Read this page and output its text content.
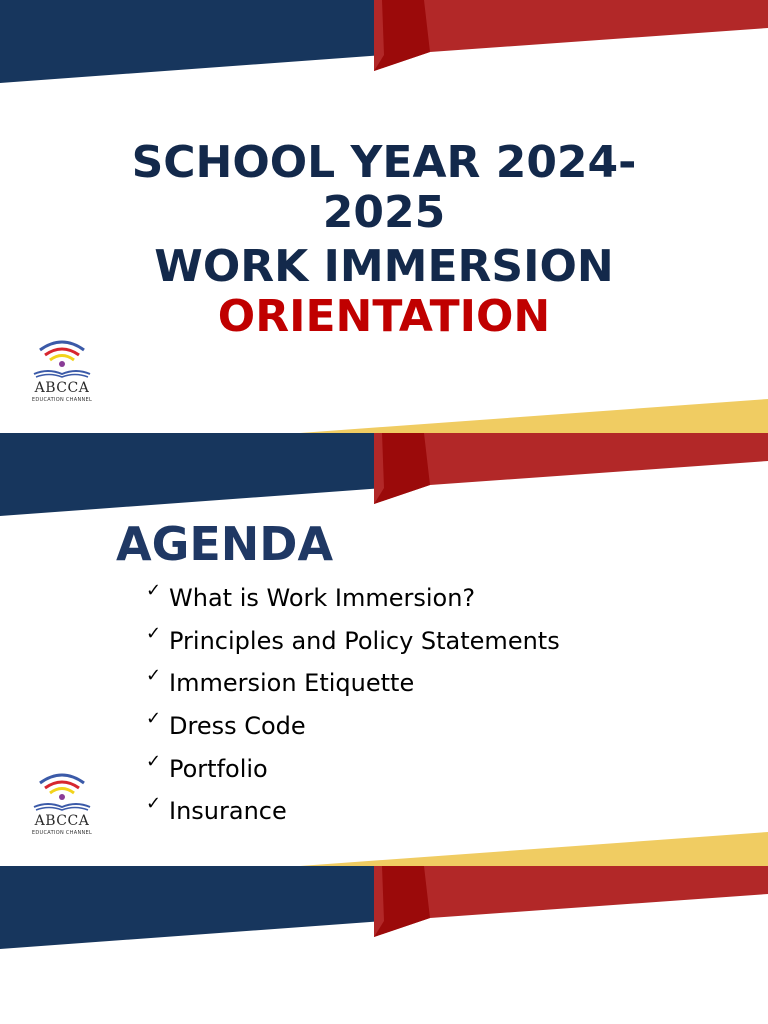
SCHOOL YEAR 2024-
2025
WORK IMMERSION
ORIENTATION
ABCCA
EDUCATION CHANNEL
AGENDA
✓ What is Work Immersion?
✓ Principles and Policy Statements
✓ Immersion Etiquette
✓ Dress Code
✓ Portfolio
✓ Insurance
ABCCA
EDUCATION CHANNEL
